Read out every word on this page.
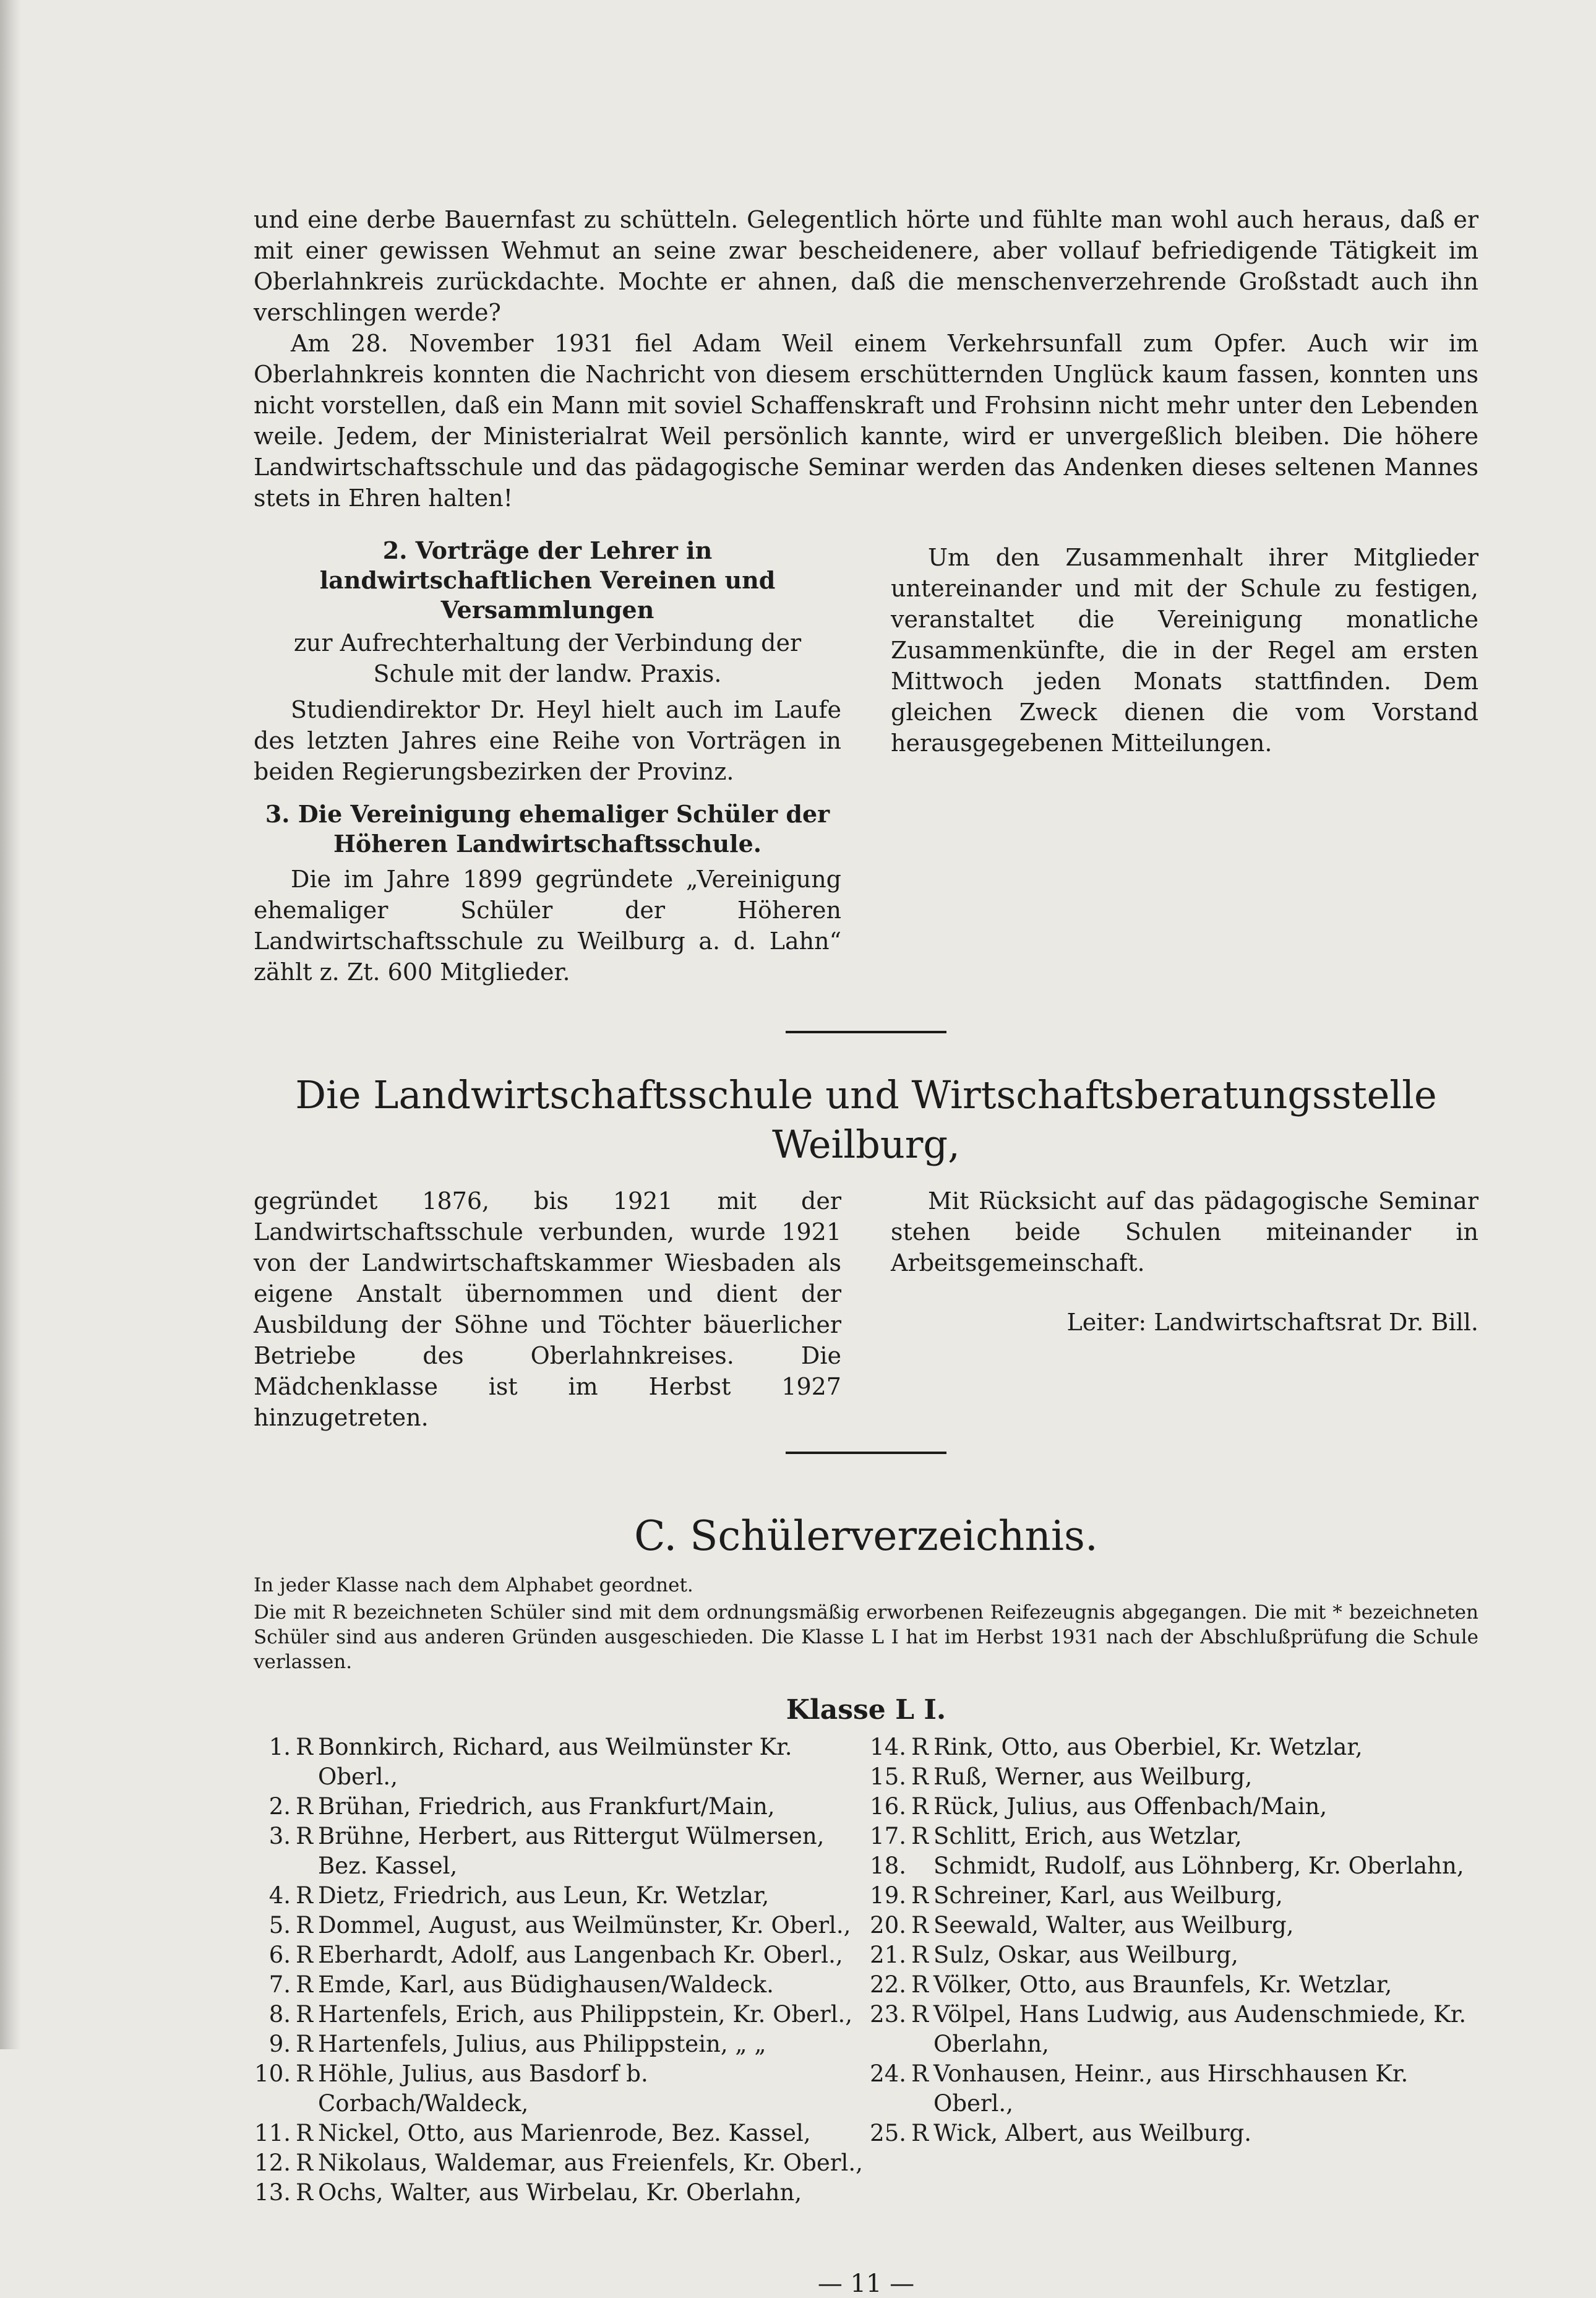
und eine derbe Bauernfast zu schütteln. Gelegentlich hörte und fühlte man wohl auch heraus, daß er mit einer gewissen Wehmut an seine zwar bescheidenere, aber vollauf befriedigende Tätigkeit im Oberlahnkreis zurückdachte. Mochte er ahnen, daß die menschenverzehrende Großstadt auch ihn verschlingen werde?

Am 28. November 1931 fiel Adam Weil einem Verkehrsunfall zum Opfer. Auch wir im Oberlahnkreis konnten die Nachricht von diesem erschütternden Unglück kaum fassen, konnten uns nicht vorstellen, daß ein Mann mit soviel Schaffenskraft und Frohsinn nicht mehr unter den Lebenden weile. Jedem, der Ministerialrat Weil persönlich kannte, wird er unvergeßlich bleiben. Die höhere Landwirtschaftsschule und das pädagogische Seminar werden das Andenken dieses seltenen Mannes stets in Ehren halten!

2. Vorträge der Lehrer in landwirtschaftlichen Vereinen und Versammlungen

zur Aufrechterhaltung der Verbindung der Schule mit der landw. Praxis.

Studiendirektor Dr. Heyl hielt auch im Laufe des letzten Jahres eine Reihe von Vorträgen in beiden Regierungsbezirken der Provinz.

3. Die Vereinigung ehemaliger Schüler der Höheren Landwirtschaftsschule.

Die im Jahre 1899 gegründete „Vereinigung ehemaliger Schüler der Höheren Landwirtschaftsschule zu Weilburg a. d. Lahn“ zählt z. Zt. 600 Mitglieder.

Um den Zusammenhalt ihrer Mitglieder untereinander und mit der Schule zu festigen, veranstaltet die Vereinigung monatliche Zusammenkünfte, die in der Regel am ersten Mittwoch jeden Monats stattfinden. Dem gleichen Zweck dienen die vom Vorstand herausgegebenen Mitteilungen.

Die Landwirtschaftsschule und Wirtschaftsberatungsstelle Weilburg,

gegründet 1876, bis 1921 mit der Landwirtschaftsschule verbunden, wurde 1921 von der Landwirtschaftskammer Wiesbaden als eigene Anstalt übernommen und dient der Ausbildung der Söhne und Töchter bäuerlicher Betriebe des Oberlahnkreises. Die Mädchenklasse ist im Herbst 1927 hinzugetreten.

Mit Rücksicht auf das pädagogische Seminar stehen beide Schulen miteinander in Arbeitsgemeinschaft.

Leiter: Landwirtschaftsrat Dr. Bill.

C. Schülerverzeichnis.

In jeder Klasse nach dem Alphabet geordnet.

Die mit R bezeichneten Schüler sind mit dem ordnungsmäßig erworbenen Reifezeugnis abgegangen. Die mit * bezeichneten Schüler sind aus anderen Gründen ausgeschieden. Die Klasse L I hat im Herbst 1931 nach der Abschlußprüfung die Schule verlassen.

Klasse L I.

1. R Bonnkirch, Richard, aus Weilmünster Kr. Oberl.,
2. R Brühan, Friedrich, aus Frankfurt/Main,
3. R Brühne, Herbert, aus Rittergut Wülmersen, Bez. Kassel,
4. R Dietz, Friedrich, aus Leun, Kr. Wetzlar,
5. R Dommel, August, aus Weilmünster, Kr. Oberl.,
6. R Eberhardt, Adolf, aus Langenbach Kr. Oberl.,
7. R Emde, Karl, aus Büdighausen/Waldeck.
8. R Hartenfels, Erich, aus Philippstein, Kr. Oberl.,
9. R Hartenfels, Julius, aus Philippstein, „ „
10. R Höhle, Julius, aus Basdorf b. Corbach/Waldeck,
11. R Nickel, Otto, aus Marienrode, Bez. Kassel,
12. R Nikolaus, Waldemar, aus Freienfels, Kr. Oberl.,
13. R Ochs, Walter, aus Wirbelau, Kr. Oberlahn,
14. R Rink, Otto, aus Oberbiel, Kr. Wetzlar,
15. R Ruß, Werner, aus Weilburg,
16. R Rück, Julius, aus Offenbach/Main,
17. R Schlitt, Erich, aus Wetzlar,
18. Schmidt, Rudolf, aus Löhnberg, Kr. Oberlahn,
19. R Schreiner, Karl, aus Weilburg,
20. R Seewald, Walter, aus Weilburg,
21. R Sulz, Oskar, aus Weilburg,
22. R Völker, Otto, aus Braunfels, Kr. Wetzlar,
23. R Völpel, Hans Ludwig, aus Audenschmiede, Kr. Oberlahn,
24. R Vonhausen, Heinr., aus Hirschhausen Kr. Oberl.,
25. R Wick, Albert, aus Weilburg.

— 11 —
